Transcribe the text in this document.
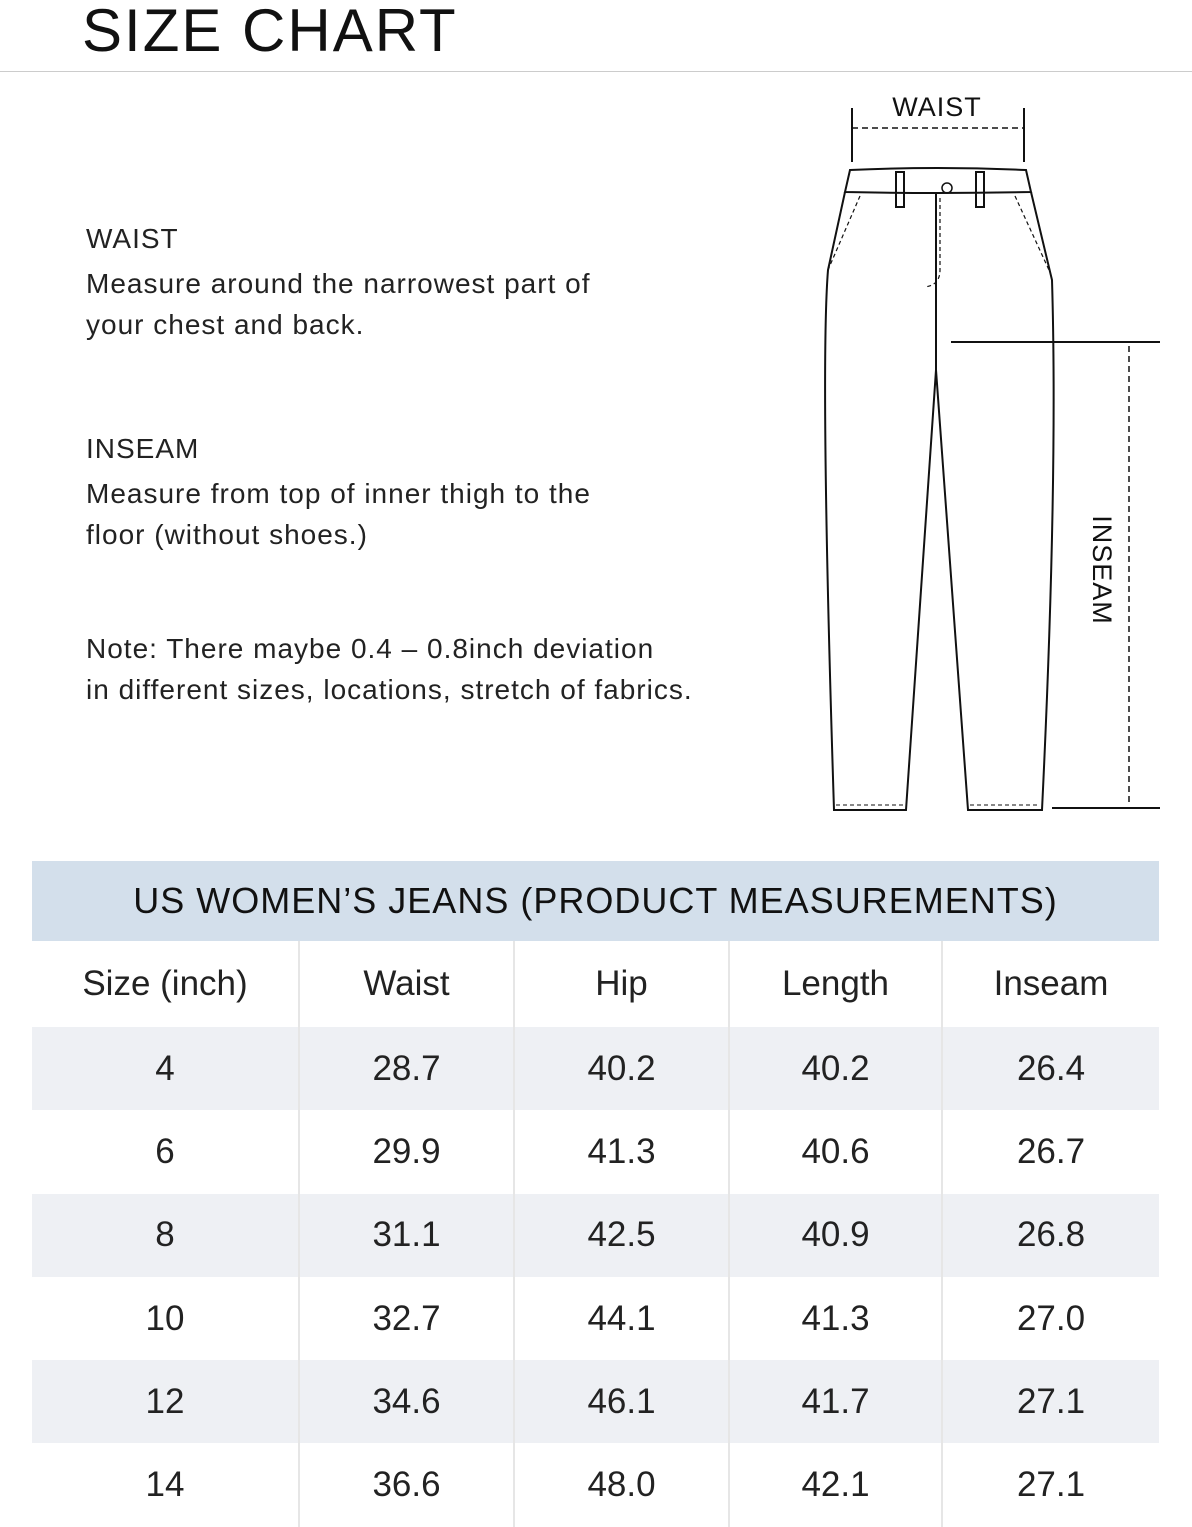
SIZE CHART
WAIST
Measure around the narrowest part of
your chest and back.
INSEAM
Measure from top of inner thigh to the
floor (without shoes.)
Note: There maybe 0.4 – 0.8inch deviation
in different sizes, locations, stretch of fabrics.
WAIST
INSEAM
US WOMEN’S JEANS (PRODUCT MEASUREMENTS)
Size (inch)	Waist	Hip	Length	Inseam
4	28.7	40.2	40.2	26.4
6	29.9	41.3	40.6	26.7
8	31.1	42.5	40.9	26.8
10	32.7	44.1	41.3	27.0
12	34.6	46.1	41.7	27.1
14	36.6	48.0	42.1	27.1
